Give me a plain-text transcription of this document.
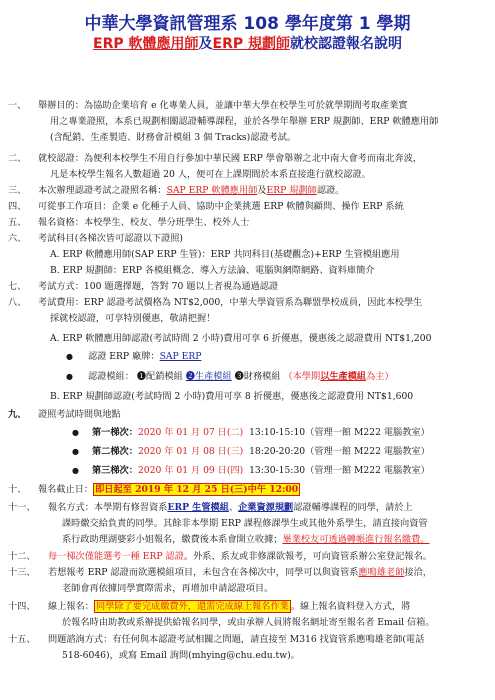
中華大學資訊管理系 108 學年度第 1 學期
ERP 軟體應用師及ERP 規劃師就校認證報名說明
一、 舉辦目的：為協助企業培育 e 化專業人員，並讓中華大學在校學生可於就學期間考取產業實
用之專業證照，本系已規劃相關認證輔導課程，並於各學年舉辦 ERP 規劃師、ERP 軟體應用師
(含配銷、生產製造、財務會計模組 3 個 Tracks)認證考試。
二、 就校認證：為便利本校學生不用自行參加中華民國 ERP 學會舉辦之北中南大會考而南北奔波，
凡是本校學生報名人數超過 20 人，便可在上課期間於本系直接進行就校認證。
三、 本次辦理認證考試之證照名稱：SAP ERP 軟體應用師及ERP 規劃師認證。
四、 可從事工作項目：企業 e 化種子人員、協助中企業挑選 ERP 軟體與顧問、操作 ERP 系統
五、 報名資格：本校學生、校友、學分班學生、校外人士
六、 考試科目(各梯次皆可認證以下證照)
A. ERP 軟體應用師(SAP ERP 生管)：ERP 共同科目(基礎觀念)+ERP 生管模組應用
B. ERP 規劃師：ERP 各模組概念、導入方法論、電腦與網際網路、資料庫簡介
七、 考試方式：100 題選擇題，答對 70 題以上者視為通過認證
八、 考試費用：ERP 認證考試價格為 NT$2,000，中華大學資管系為聯盟學校成員，因此本校學生
採就校認證，可享特別優惠，敬請把握！
A. ERP 軟體應用師認證(考試時間 2 小時)費用可享 6 折優惠，優惠後之認證費用 NT$1,200
● 認證 ERP 廠牌：SAP ERP
● 認證模組： ❶配銷模組 ❷生產模組 ❸財務模組 （本學期以生產模組為主）
B. ERP 規劃師認證(考試時間 2 小時)費用可享 8 折優惠，優惠後之認證費用 NT$1,600
九、 證照考試時間與地點
● 第一梯次：2020 年 01 月 07 日(二) 13:10-15:10（管理一館 M222 電腦教室）
● 第二梯次：2020 年 01 月 08 日(三) 18:20-20:20（管理一館 M222 電腦教室）
● 第三梯次：2020 年 01 月 09 日(四) 13:30-15:30（管理一館 M222 電腦教室）
十、 報名截止日： 即日起至 2019 年 12 月 25 日(三)中午 12:00
十一、 報名方式：本學期有修習資系ERP 生管模組、企業資源規劃認證輔導課程的同學，請於上
課時繳交給負責的同學。其餘非本學期 ERP 課程修課學生或其他外系學生，請直接向資管
系行政助理湖婆彩小姐報名，繳費後本系會開立收據；畢業校友可透過轉帳進行報名繳費。
十二、 每一梯次僅能選考一種 ERP 認證。外系、系友或非修課欲報考，可向資管系辦公室登記報名。
十三、 若想報考 ERP 認證而欲選模組項目，未包含在各梯次中，同學可以與資管系應鳴雄老師接洽，
老師會再依據同學實際需求，再增加申請認證項目。
十四、 線上報名： 同學除了要完成繳費外，還需完成線上報名作業 。線上報名資料登入方式，將
於報名時由助教或系辦提供給報名同學，或由承辦人員將報名網址寄至報名者 Email 信箱。
十五、 問題諮詢方式：有任何與本認證考試相關之問題，請直接至 M316 找資管系應鳴雄老師(電話
518-6046)，或寫 Email 詢問(mhying@chu.edu.tw)。
